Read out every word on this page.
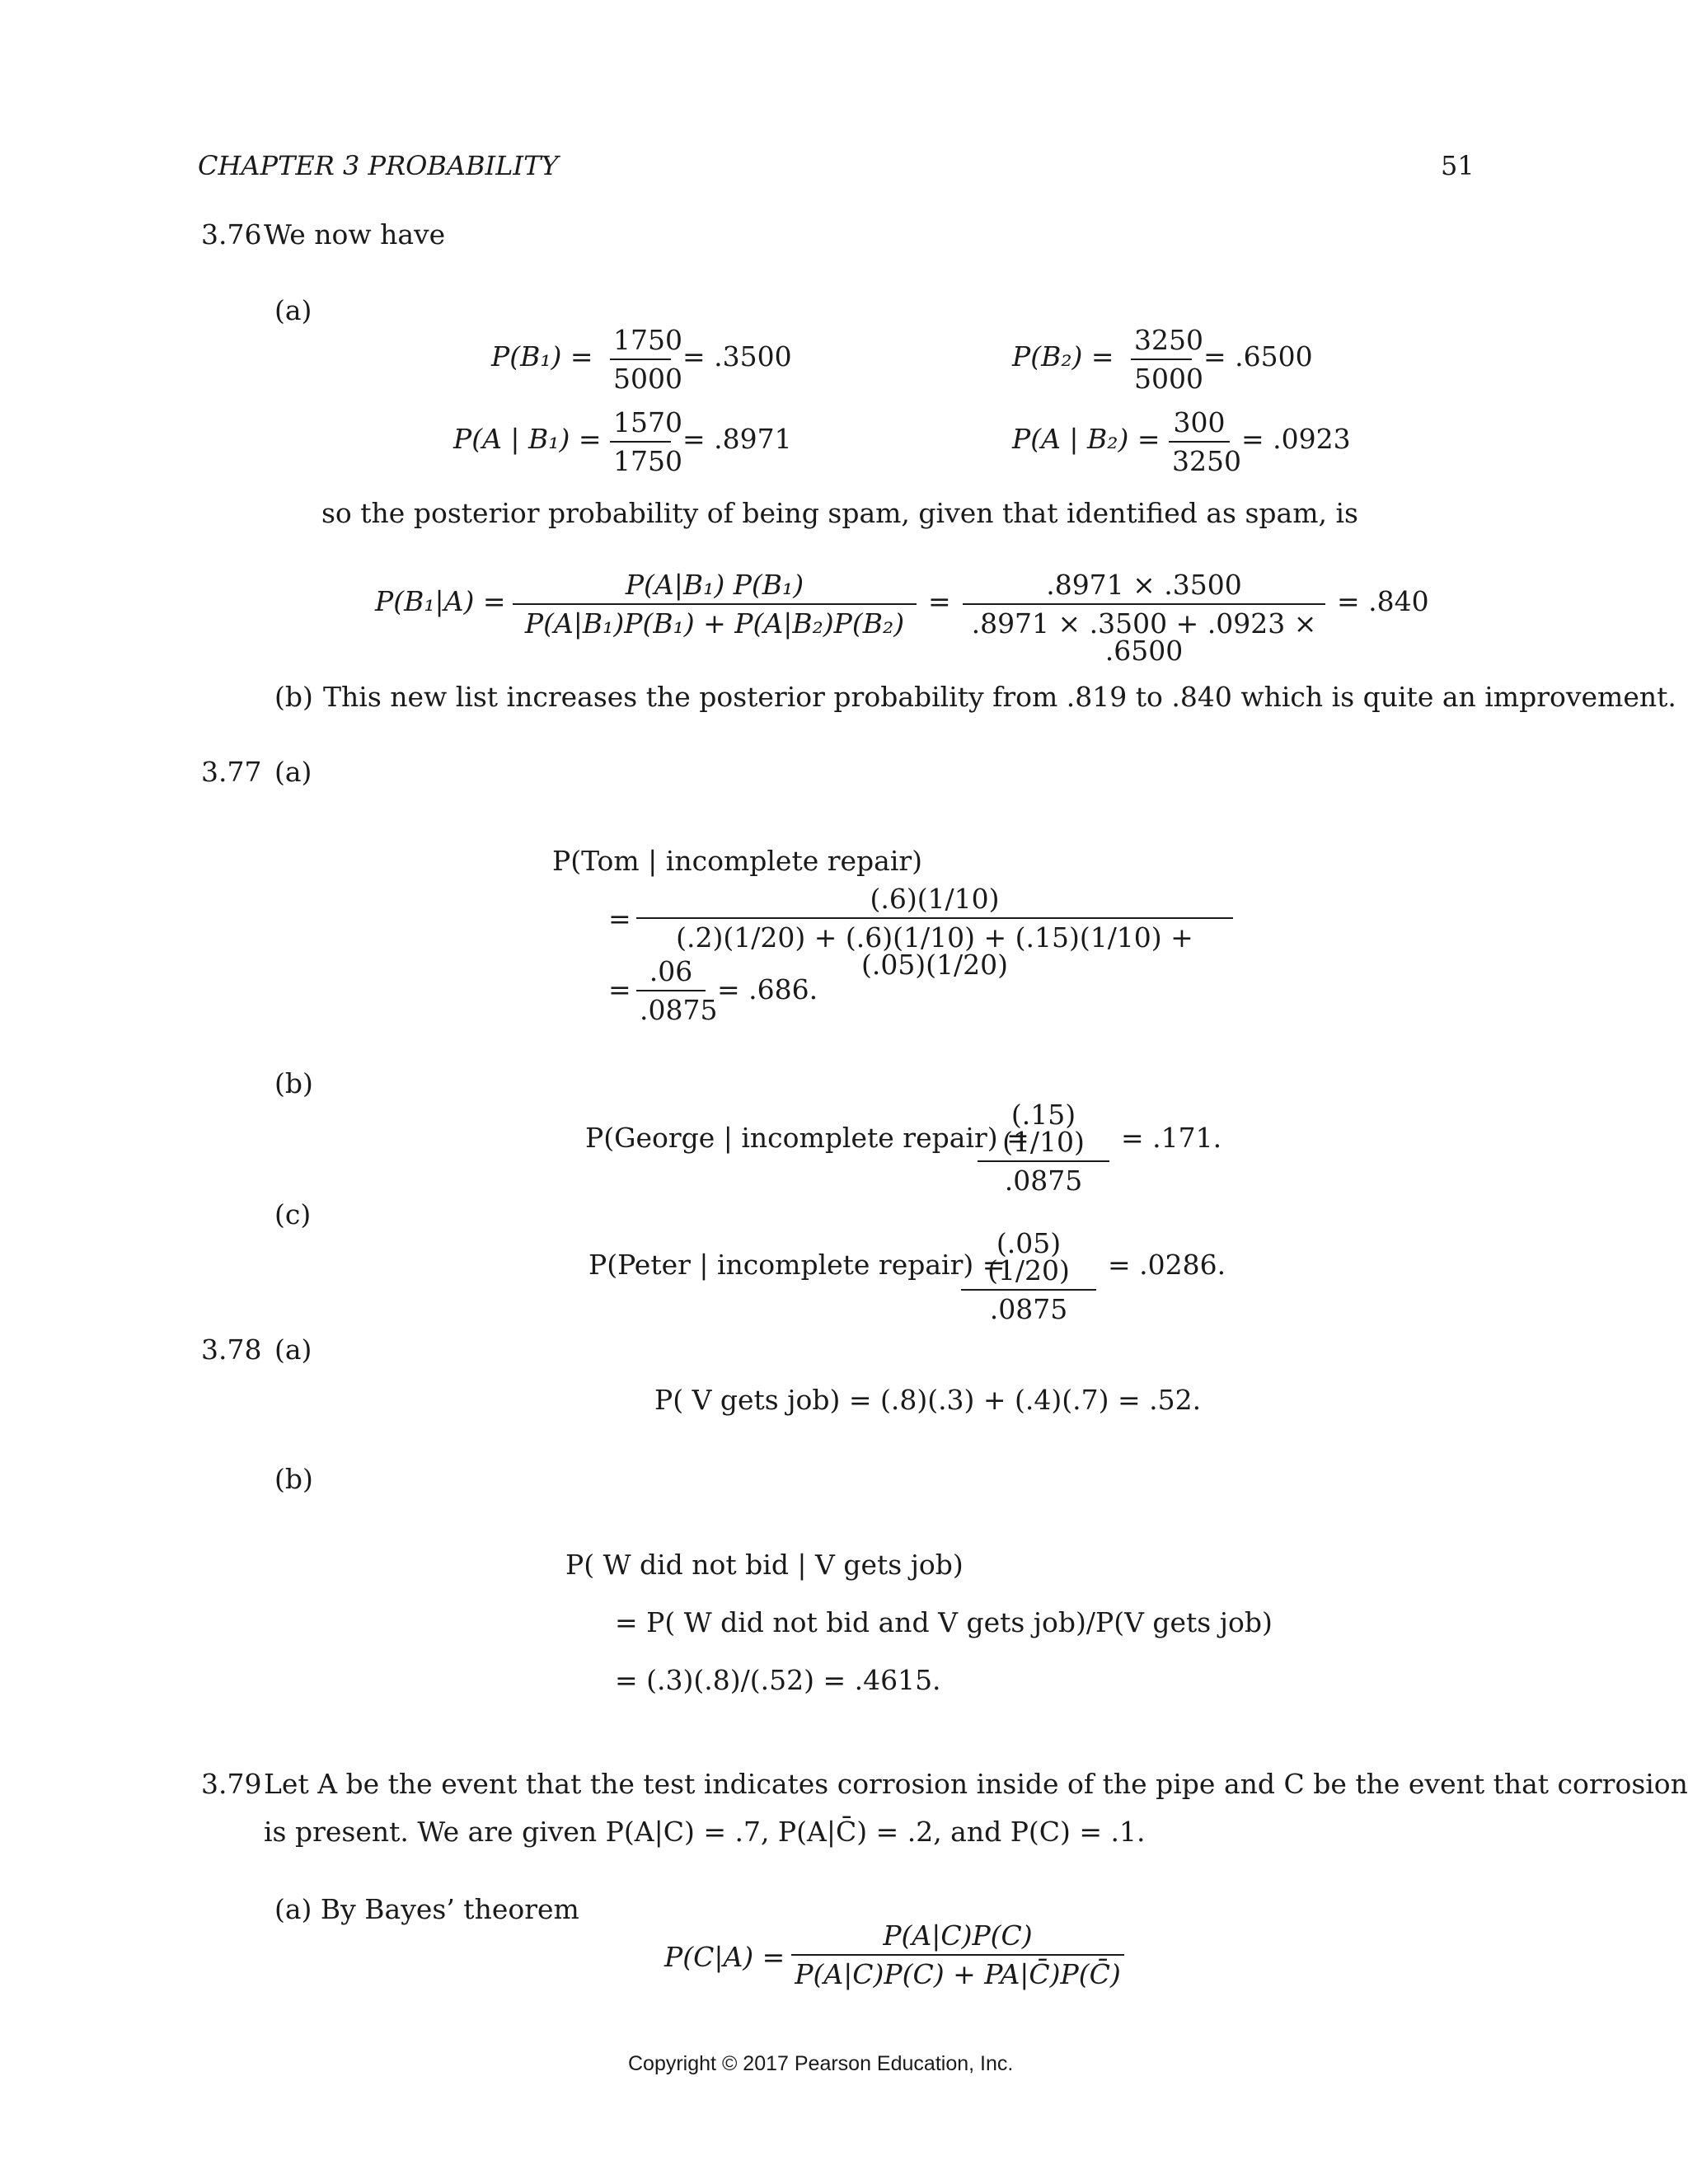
CHAPTER 3 PROBABILITY	51
3.76 We now have
(a)
P(B₁) =
1750
5000
= .3500	P(B₂) =
3250
5000
= .6500
P(A | B₁) =
1570
1750
= .8971	P(A | B₂) =
300
3250
= .0923
so the posterior probability of being spam, given that identified as spam, is
P(B₁|A) =
P(A|B₁) P(B₁)
P(A|B₁)P(B₁) + P(A|B₂)P(B₂)
=
.8971 × .3500
.8971 × .3500 + .0923 × .6500
= .840
(b) This new list increases the posterior probability from .819 to .840 which is quite an improvement.
3.77 (a)
P(Tom | incomplete repair)
=
(.6)(1/10)
(.2)(1/20) + (.6)(1/10) + (.15)(1/10) + (.05)(1/20)
=
.06
.0875
= .686.
(b)
P(George | incomplete repair) =
(.15)(1/10)
.0875
= .171.
(c)
P(Peter | incomplete repair) =
(.05)(1/20)
.0875
= .0286.
3.78 (a)
P( V gets job) = (.8)(.3) + (.4)(.7) = .52.
(b)
P( W did not bid | V gets job)
= P( W did not bid and V gets job)/P(V gets job)
= (.3)(.8)/(.52) = .4615.
3.79 Let A be the event that the test indicates corrosion inside of the pipe and C be the event that corrosion
is present. We are given P(A|C) = .7, P(A|C̄) = .2, and P(C) = .1.
(a) By Bayes’ theorem
P(C|A) =
P(A|C)P(C)
P(A|C)P(C) + PA|C̄)P(C̄)
Copyright © 2017 Pearson Education, Inc.
